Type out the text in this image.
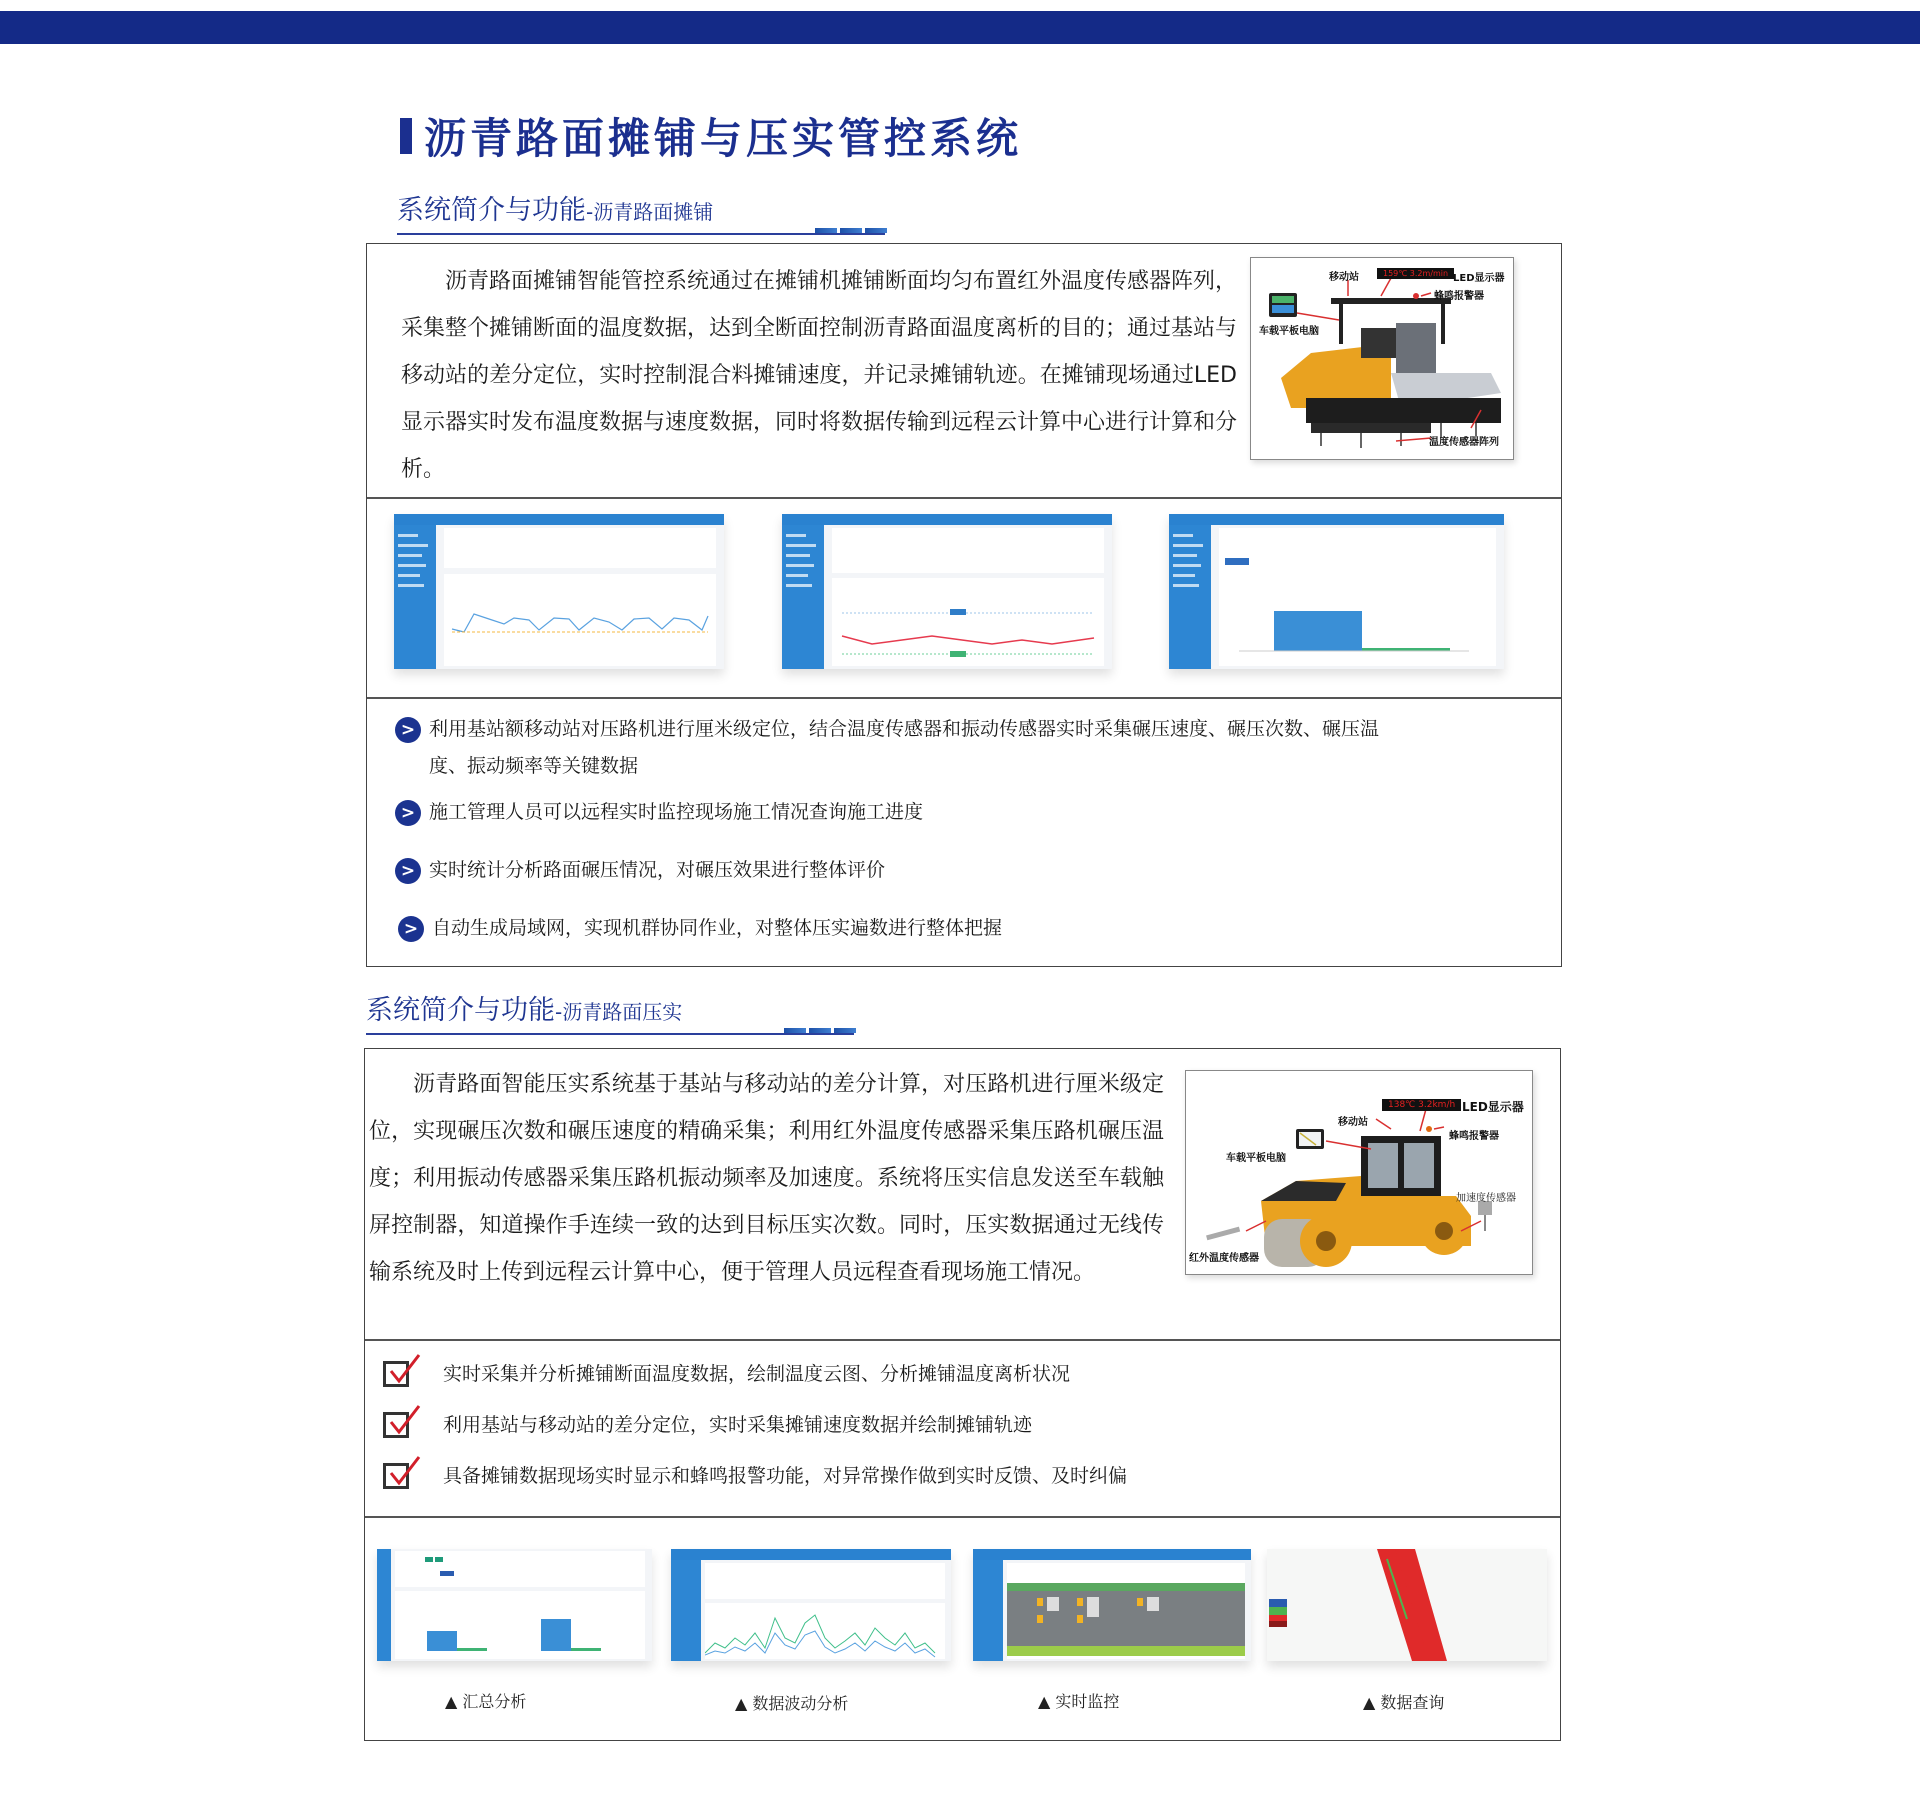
沥青路面摊铺与压实管控系统
系统简介与功能-沥青路面摊铺
沥青路面摊铺智能管控系统通过在摊铺机摊铺断面均匀布置红外温度传感器阵列，采集整个摊铺断面的温度数据，达到全断面控制沥青路面温度离析的目的；通过基站与移动站的差分定位，实时控制混合料摊铺速度，并记录摊铺轨迹。在摊铺现场通过LED显示器实时发布温度数据与速度数据，同时将数据传输到远程云计算中心进行计算和分析。
移动站	159℃ 3.2m/min LED显示器
蜂鸣报警器
车载平板电脑
温度传感器阵列
> 利用基站额移动站对压路机进行厘米级定位，结合温度传感器和振动传感器实时采集碾压速度、碾压次数、碾压温度、振动频率等关键数据
> 施工管理人员可以远程实时监控现场施工情况查询施工进度
> 实时统计分析路面碾压情况，对碾压效果进行整体评价
> 自动生成局域网，实现机群协同作业，对整体压实遍数进行整体把握
系统简介与功能-沥青路面压实
沥青路面智能压实系统基于基站与移动站的差分计算，对压路机进行厘米级定位，实现碾压次数和碾压速度的精确采集；利用红外温度传感器采集压路机碾压温度；利用振动传感器采集压路机振动频率及加速度。系统将压实信息发送至车载触屏控制器，知道操作手连续一致的达到目标压实次数。同时，压实数据通过无线传输系统及时上传到远程云计算中心，便于管理人员远程查看现场施工情况。
138℃ 3.2km/h LED显示器
移动站
蜂鸣报警器
车载平板电脑
加速度传感器
红外温度传感器
实时采集并分析摊铺断面温度数据，绘制温度云图、分析摊铺温度离析状况
利用基站与移动站的差分定位，实时采集摊铺速度数据并绘制摊铺轨迹
具备摊铺数据现场实时显示和蜂鸣报警功能，对异常操作做到实时反馈、及时纠偏
▲ 汇总分析	▲ 数据波动分析	▲ 实时监控	▲ 数据查询
